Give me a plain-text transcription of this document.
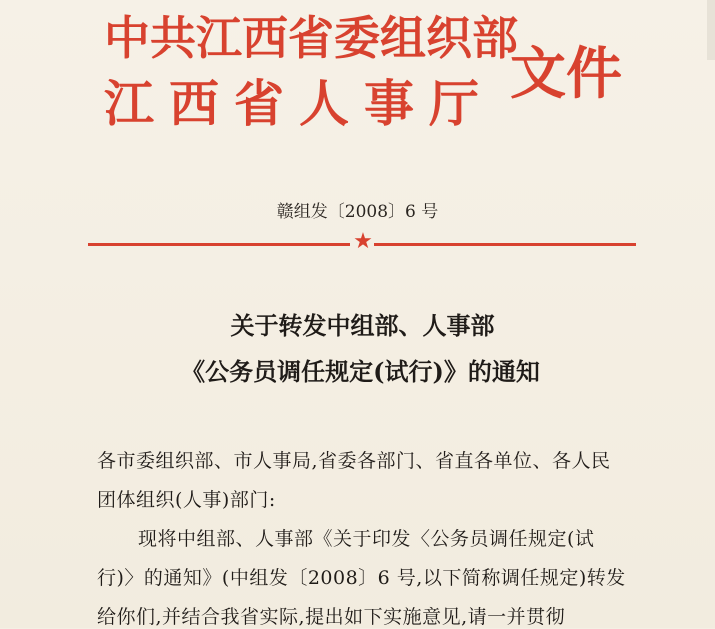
中共江西省委组织部
江西省人事厅 文件
赣组发〔2008〕6 号
★
关于转发中组部、人事部
《公务员调任规定(试行)》的通知
各市委组织部、市人事局,省委各部门、省直各单位、各人民
团体组织(人事)部门:
现将中组部、人事部《关于印发〈公务员调任规定(试
行)〉的通知》(中组发〔2008〕6 号,以下简称调任规定)转发
给你们,并结合我省实际,提出如下实施意见,请一并贯彻
